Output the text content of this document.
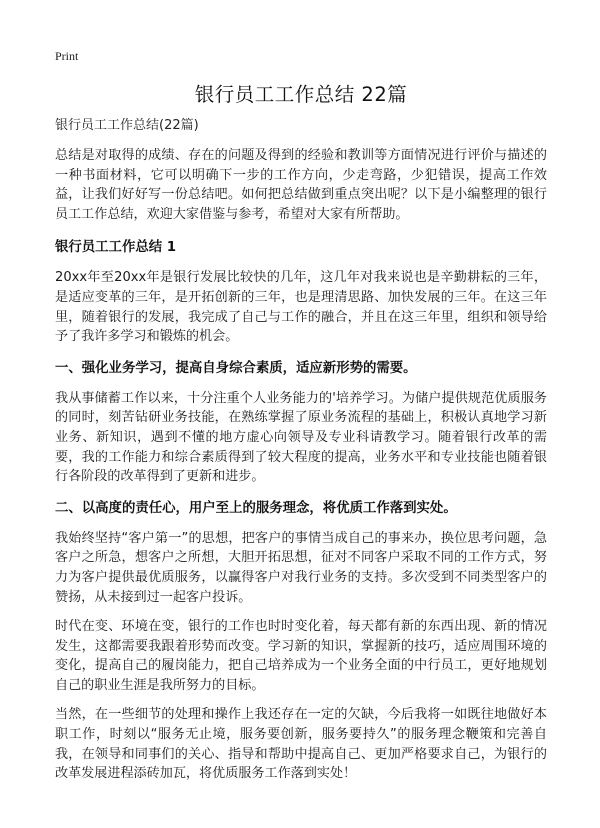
Print
银行员工工作总结 22篇
银行员工工作总结(22篇)

总结是对取得的成绩、存在的问题及得到的经验和教训等方面情况进行评价与描述的一种书面材料，它可以明确下一步的工作方向，少走弯路，少犯错误，提高工作效益，让我们好好写一份总结吧。如何把总结做到重点突出呢？以下是小编整理的银行员工工作总结，欢迎大家借鉴与参考，希望对大家有所帮助。

银行员工工作总结 1

20xx年至20xx年是银行发展比较快的几年，这几年对我来说也是辛勤耕耘的三年，是适应变革的三年，是开拓创新的三年，也是理清思路、加快发展的三年。在这三年里，随着银行的发展，我完成了自己与工作的融合，并且在这三年里，组织和领导给予了我许多学习和锻炼的机会。

一、强化业务学习，提高自身综合素质，适应新形势的需要。

我从事储蓄工作以来，十分注重个人业务能力的'培养学习。为储户提供规范优质服务的同时，刻苦钻研业务技能，在熟练掌握了原业务流程的基础上，积极认真地学习新业务、新知识，遇到不懂的地方虚心向领导及专业科请教学习。随着银行改革的需要，我的工作能力和综合素质得到了较大程度的提高，业务水平和专业技能也随着银行各阶段的改革得到了更新和进步。

二、以高度的责任心，用户至上的服务理念，将优质工作落到实处。

我始终坚持“客户第一”的思想，把客户的事情当成自己的事来办，换位思考问题，急客户之所急，想客户之所想，大胆开拓思想，征对不同客户采取不同的工作方式，努力为客户提供最优质服务，以赢得客户对我行业务的支持。多次受到不同类型客户的赞扬，从未接到过一起客户投诉。

时代在变、环境在变，银行的工作也时时变化着，每天都有新的东西出现、新的情况发生，这都需要我跟着形势而改变。学习新的知识，掌握新的技巧，适应周围环境的变化，提高自己的履岗能力，把自己培养成为一个业务全面的中行员工，更好地规划自己的职业生涯是我所努力的目标。

当然，在一些细节的处理和操作上我还存在一定的欠缺，今后我将一如既往地做好本职工作，时刻以“服务无止境，服务要创新，服务要持久”的服务理念鞭策和完善自我，在领导和同事们的关心、指导和帮助中提高自己、更加严格要求自己，为银行的改革发展进程添砖加瓦，将优质服务工作落到实处！
